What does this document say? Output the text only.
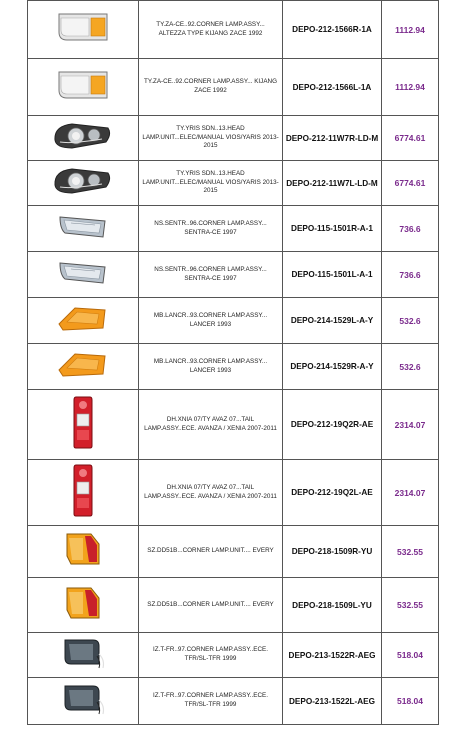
	TY.ZA-CE..92.CORNER LAMP.ASSY... ALTEZZA TYPE KIJANG ZACE 1992	DEPO-212-1566R-1A	1112.94

	TY.ZA-CE..92.CORNER LAMP.ASSY... KIJANG ZACE 1992	DEPO-212-1566L-1A	1112.94

	TY.YRIS SDN..13.HEAD LAMP.UNIT...ELEC/MANUAL VIOS/YARIS 2013-2015	DEPO-212-11W7R-LD-M	6774.61

	TY.YRIS SDN..13.HEAD LAMP.UNIT...ELEC/MANUAL VIOS/YARIS 2013-2015	DEPO-212-11W7L-LD-M	6774.61

	NS.SENTR..96.CORNER LAMP.ASSY... SENTRA-CE 1997	DEPO-115-1501R-A-1	736.6

	NS.SENTR..96.CORNER LAMP.ASSY... SENTRA-CE 1997	DEPO-115-1501L-A-1	736.6

	MB.LANCR..93.CORNER LAMP.ASSY... LANCER 1993	DEPO-214-1529L-A-Y	532.6

	MB.LANCR..93.CORNER LAMP.ASSY... LANCER 1993	DEPO-214-1529R-A-Y	532.6

	DH.XNIA 07/TY AVAZ 07...TAIL LAMP.ASSY..ECE. AVANZA / XENIA 2007-2011	DEPO-212-19Q2R-AE	2314.07

	DH.XNIA 07/TY AVAZ 07...TAIL LAMP.ASSY..ECE. AVANZA / XENIA 2007-2011	DEPO-212-19Q2L-AE	2314.07

	SZ.DD51B...CORNER LAMP.UNIT.... EVERY	DEPO-218-1509R-YU	532.55

	SZ.DD51B...CORNER LAMP.UNIT.... EVERY	DEPO-218-1509L-YU	532.55

	IZ.T-FR..97.CORNER LAMP.ASSY..ECE. TFR/SL-TFR 1999	DEPO-213-1522R-AEG	518.04

	IZ.T-FR..97.CORNER LAMP.ASSY..ECE. TFR/SL-TFR 1999	DEPO-213-1522L-AEG	518.04
